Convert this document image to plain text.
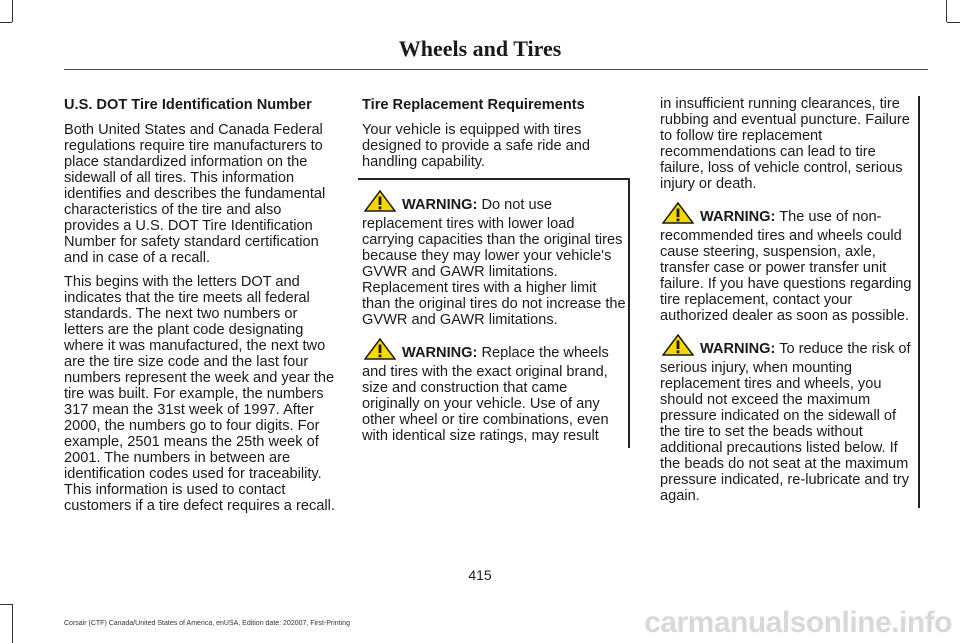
Wheels and Tires
U.S. DOT Tire Identification Number

Both United States and Canada Federal regulations require tire manufacturers to place standardized information on the sidewall of all tires. This information identifies and describes the fundamental characteristics of the tire and also provides a U.S. DOT Tire Identification Number for safety standard certification and in case of a recall.

This begins with the letters DOT and indicates that the tire meets all federal standards. The next two numbers or letters are the plant code designating where it was manufactured, the next two are the tire size code and the last four numbers represent the week and year the tire was built. For example, the numbers 317 mean the 31st week of 1997. After 2000, the numbers go to four digits. For example, 2501 means the 25th week of 2001. The numbers in between are identification codes used for traceability. This information is used to contact customers if a tire defect requires a recall.

Tire Replacement Requirements

Your vehicle is equipped with tires designed to provide a safe ride and handling capability.

WARNING: Do not use replacement tires with lower load carrying capacities than the original tires because they may lower your vehicle's GVWR and GAWR limitations. Replacement tires with a higher limit than the original tires do not increase the GVWR and GAWR limitations.

WARNING: Replace the wheels and tires with the exact original brand, size and construction that came originally on your vehicle. Use of any other wheel or tire combinations, even with identical size ratings, may result

in insufficient running clearances, tire rubbing and eventual puncture. Failure to follow tire replacement recommendations can lead to tire failure, loss of vehicle control, serious injury or death.

WARNING: The use of non-recommended tires and wheels could cause steering, suspension, axle, transfer case or power transfer unit failure. If you have questions regarding tire replacement, contact your authorized dealer as soon as possible.

WARNING: To reduce the risk of serious injury, when mounting replacement tires and wheels, you should not exceed the maximum pressure indicated on the sidewall of the tire to set the beads without additional precautions listed below. If the beads do not seat at the maximum pressure indicated, re-lubricate and try again.

415
Corsair (CTF) Canada/United States of America, enUSA, Edition date: 202007, First-Printing	carmanualsonline.info
